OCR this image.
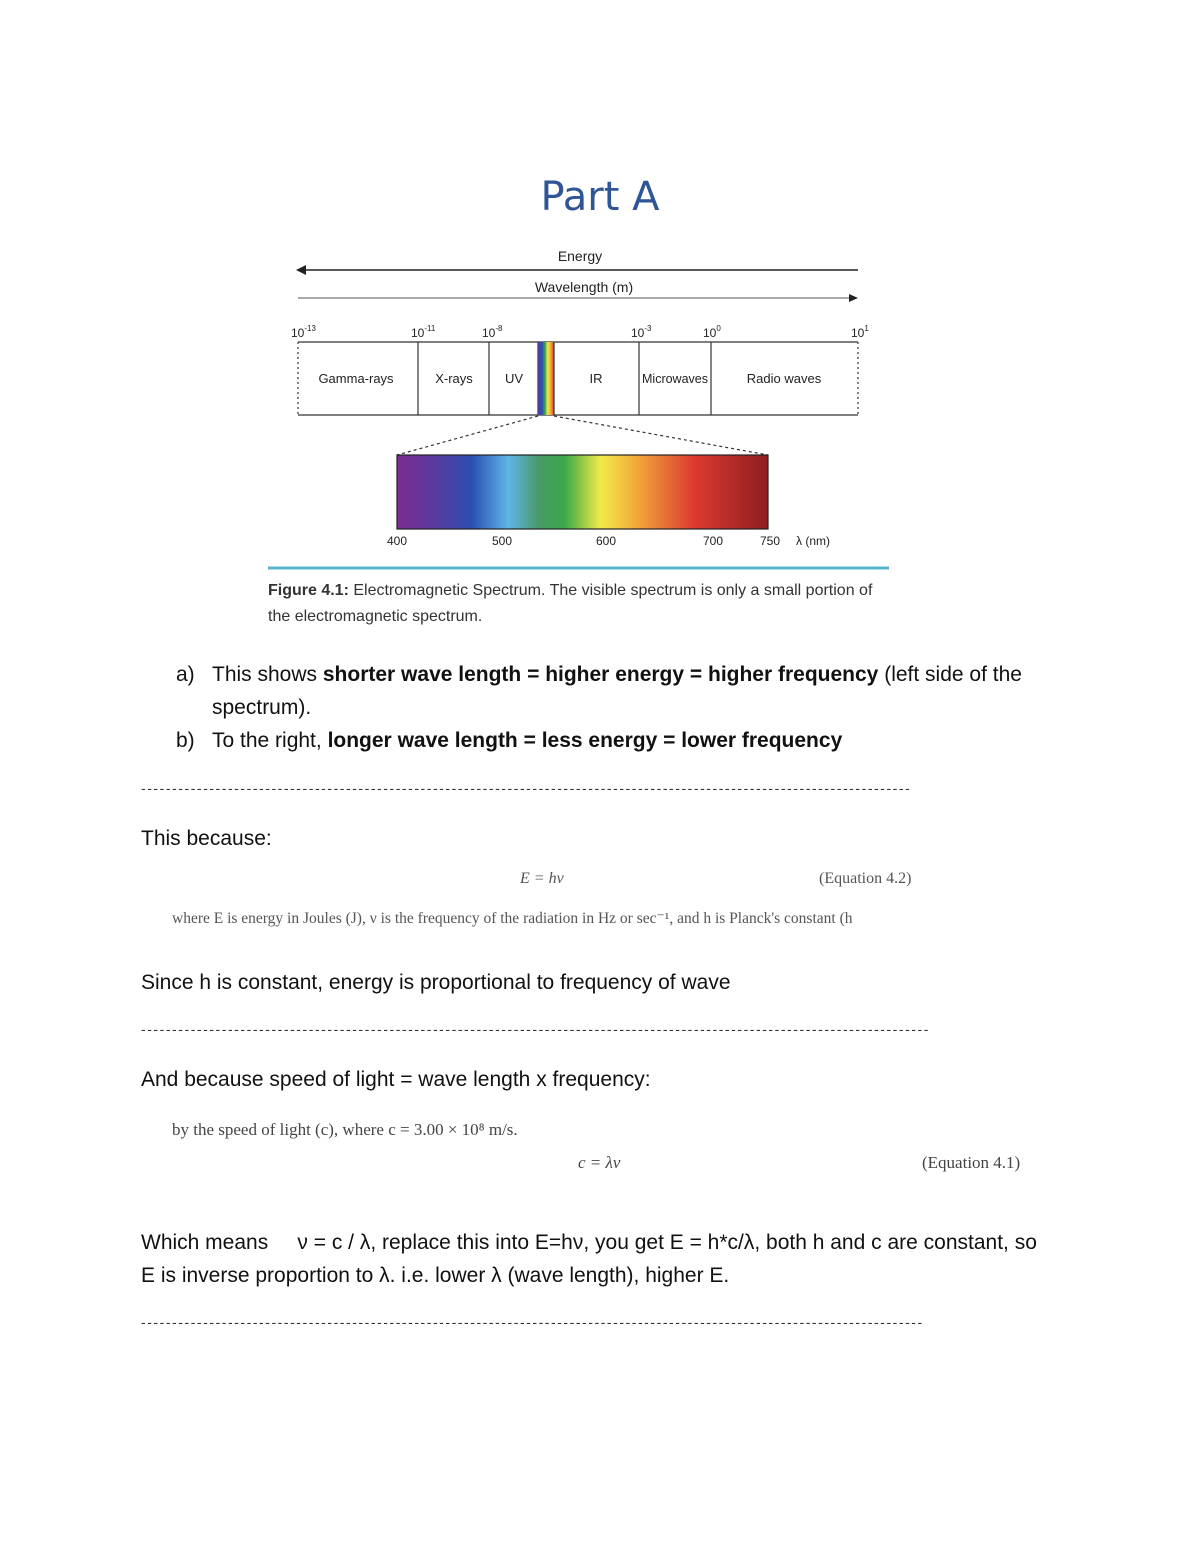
Part A
Energy
Wavelength (m)
$10^{-13}$	$10^{-11}$	$10^{-8}$	$10^{-3}$	$10^0$	$10^1$
Gamma-rays	X-rays UV	IR	Microwaves	Radio waves
400	500	600	700	750 λ (nm)
Figure 4.1: Electromagnetic Spectrum. The visible spectrum is only a small portion of
the electromagnetic spectrum.
a) This shows shorter wave length = higher energy = higher frequency (left side of the
spectrum).
b) To the right, longer wave length = less energy = lower frequency
----------------------------------------------------------------------------------------------------------------------------
This because:
E = hν	(Equation 4.2)
where E is energy in Joules (J), ν is the frequency of the radiation in Hz or sec⁻¹, and h is Planck's constant (h
Since h is constant, energy is proportional to frequency of wave
-------------------------------------------------------------------------------------------------------------------------------
And because speed of light = wave length x frequency:
by the speed of light (c), where c = 3.00 × 10⁸ m/s.
c = λν	(Equation 4.1)
Which means     ν = c / λ, replace this into E=hν, you get E = h*c/λ, both h and c are constant, so
E is inverse proportion to λ. i.e. lower λ (wave length), higher E.
------------------------------------------------------------------------------------------------------------------------------
